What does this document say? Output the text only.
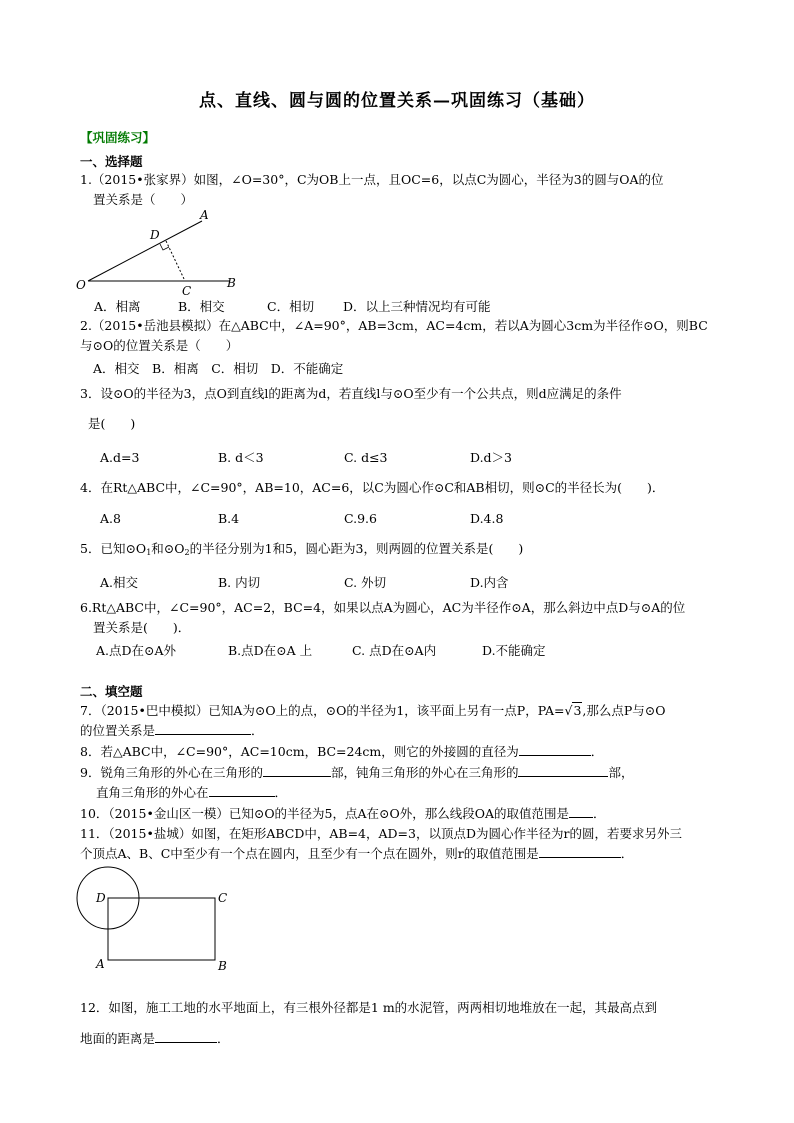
点、直线、圆与圆的位置关系—巩固练习（基础）
【巩固练习】
一、选择题
1.（2015•张家界）如图，∠O=30°，C为OB上一点，且OC=6，以点C为圆心，半径为3的圆与OA的位
置关系是（　　）
A
D
O	C
B
A．相离	B．相交	C．相切 D．以上三种情况均有可能
2.（2015•岳池县模拟）在△ABC中，∠A=90°，AB=3cm，AC=4cm，若以A为圆心3cm为半径作⊙O，则BC
与⊙O的位置关系是（　　）
A．相交　B．相离　C．相切　D．不能确定
3．设⊙O的半径为3，点O到直线l的距离为d，若直线l与⊙O至少有一个公共点，则d应满足的条件
是(　　)
A.d=3	B. d＜3	C. d≤3	D.d＞3
4．在Rt△ABC中，∠C=90°，AB=10，AC=6，以C为圆心作⊙C和AB相切，则⊙C的半径长为(　　)．
A.8	B.4	C.9.6	D.4.8
5．已知$⊙O_1$和$⊙O_2$的半径分别为1和5，圆心距为3，则两圆的位置关系是(　　)
A.相交	B. 内切	C. 外切	D.内含
6.Rt△ABC中，∠C=90°，AC=2，BC=4，如果以点A为圆心，AC为半径作⊙A，那么斜边中点D与⊙A的位
置关系是(　　)．
A.点D在⊙A外	B.点D在⊙A 上	C. 点D在⊙A内	D.不能确定
二、填空题
7．（2015•巴中模拟）已知A为⊙O上的点，⊙O的半径为1，该平面上另有一点P，PA=√3,那么点P与⊙O
的位置关系是	．
8．若△ABC中，∠C=90°，AC=10cm，BC=24cm，则它的外接圆的直径为	．
9．锐角三角形的外心在三角形的	部，钝角三角形的外心在三角形的	部，
直角三角形的外心在	．
10．（2015•金山区一模）已知⊙O的半径为5，点A在⊙O外，那么线段OA的取值范围是 ．
11．（2015•盐城）如图，在矩形ABCD中，AB=4，AD=3，以顶点D为圆心作半径为r的圆，若要求另外三
个顶点A、B、C中至少有一个点在圆内，且至少有一个点在圆外，则r的取值范围是	．
D	C
A	B
12．如图，施工工地的水平地面上，有三根外径都是1 m的水泥管，两两相切地堆放在一起，其最高点到
地面的距离是	．
